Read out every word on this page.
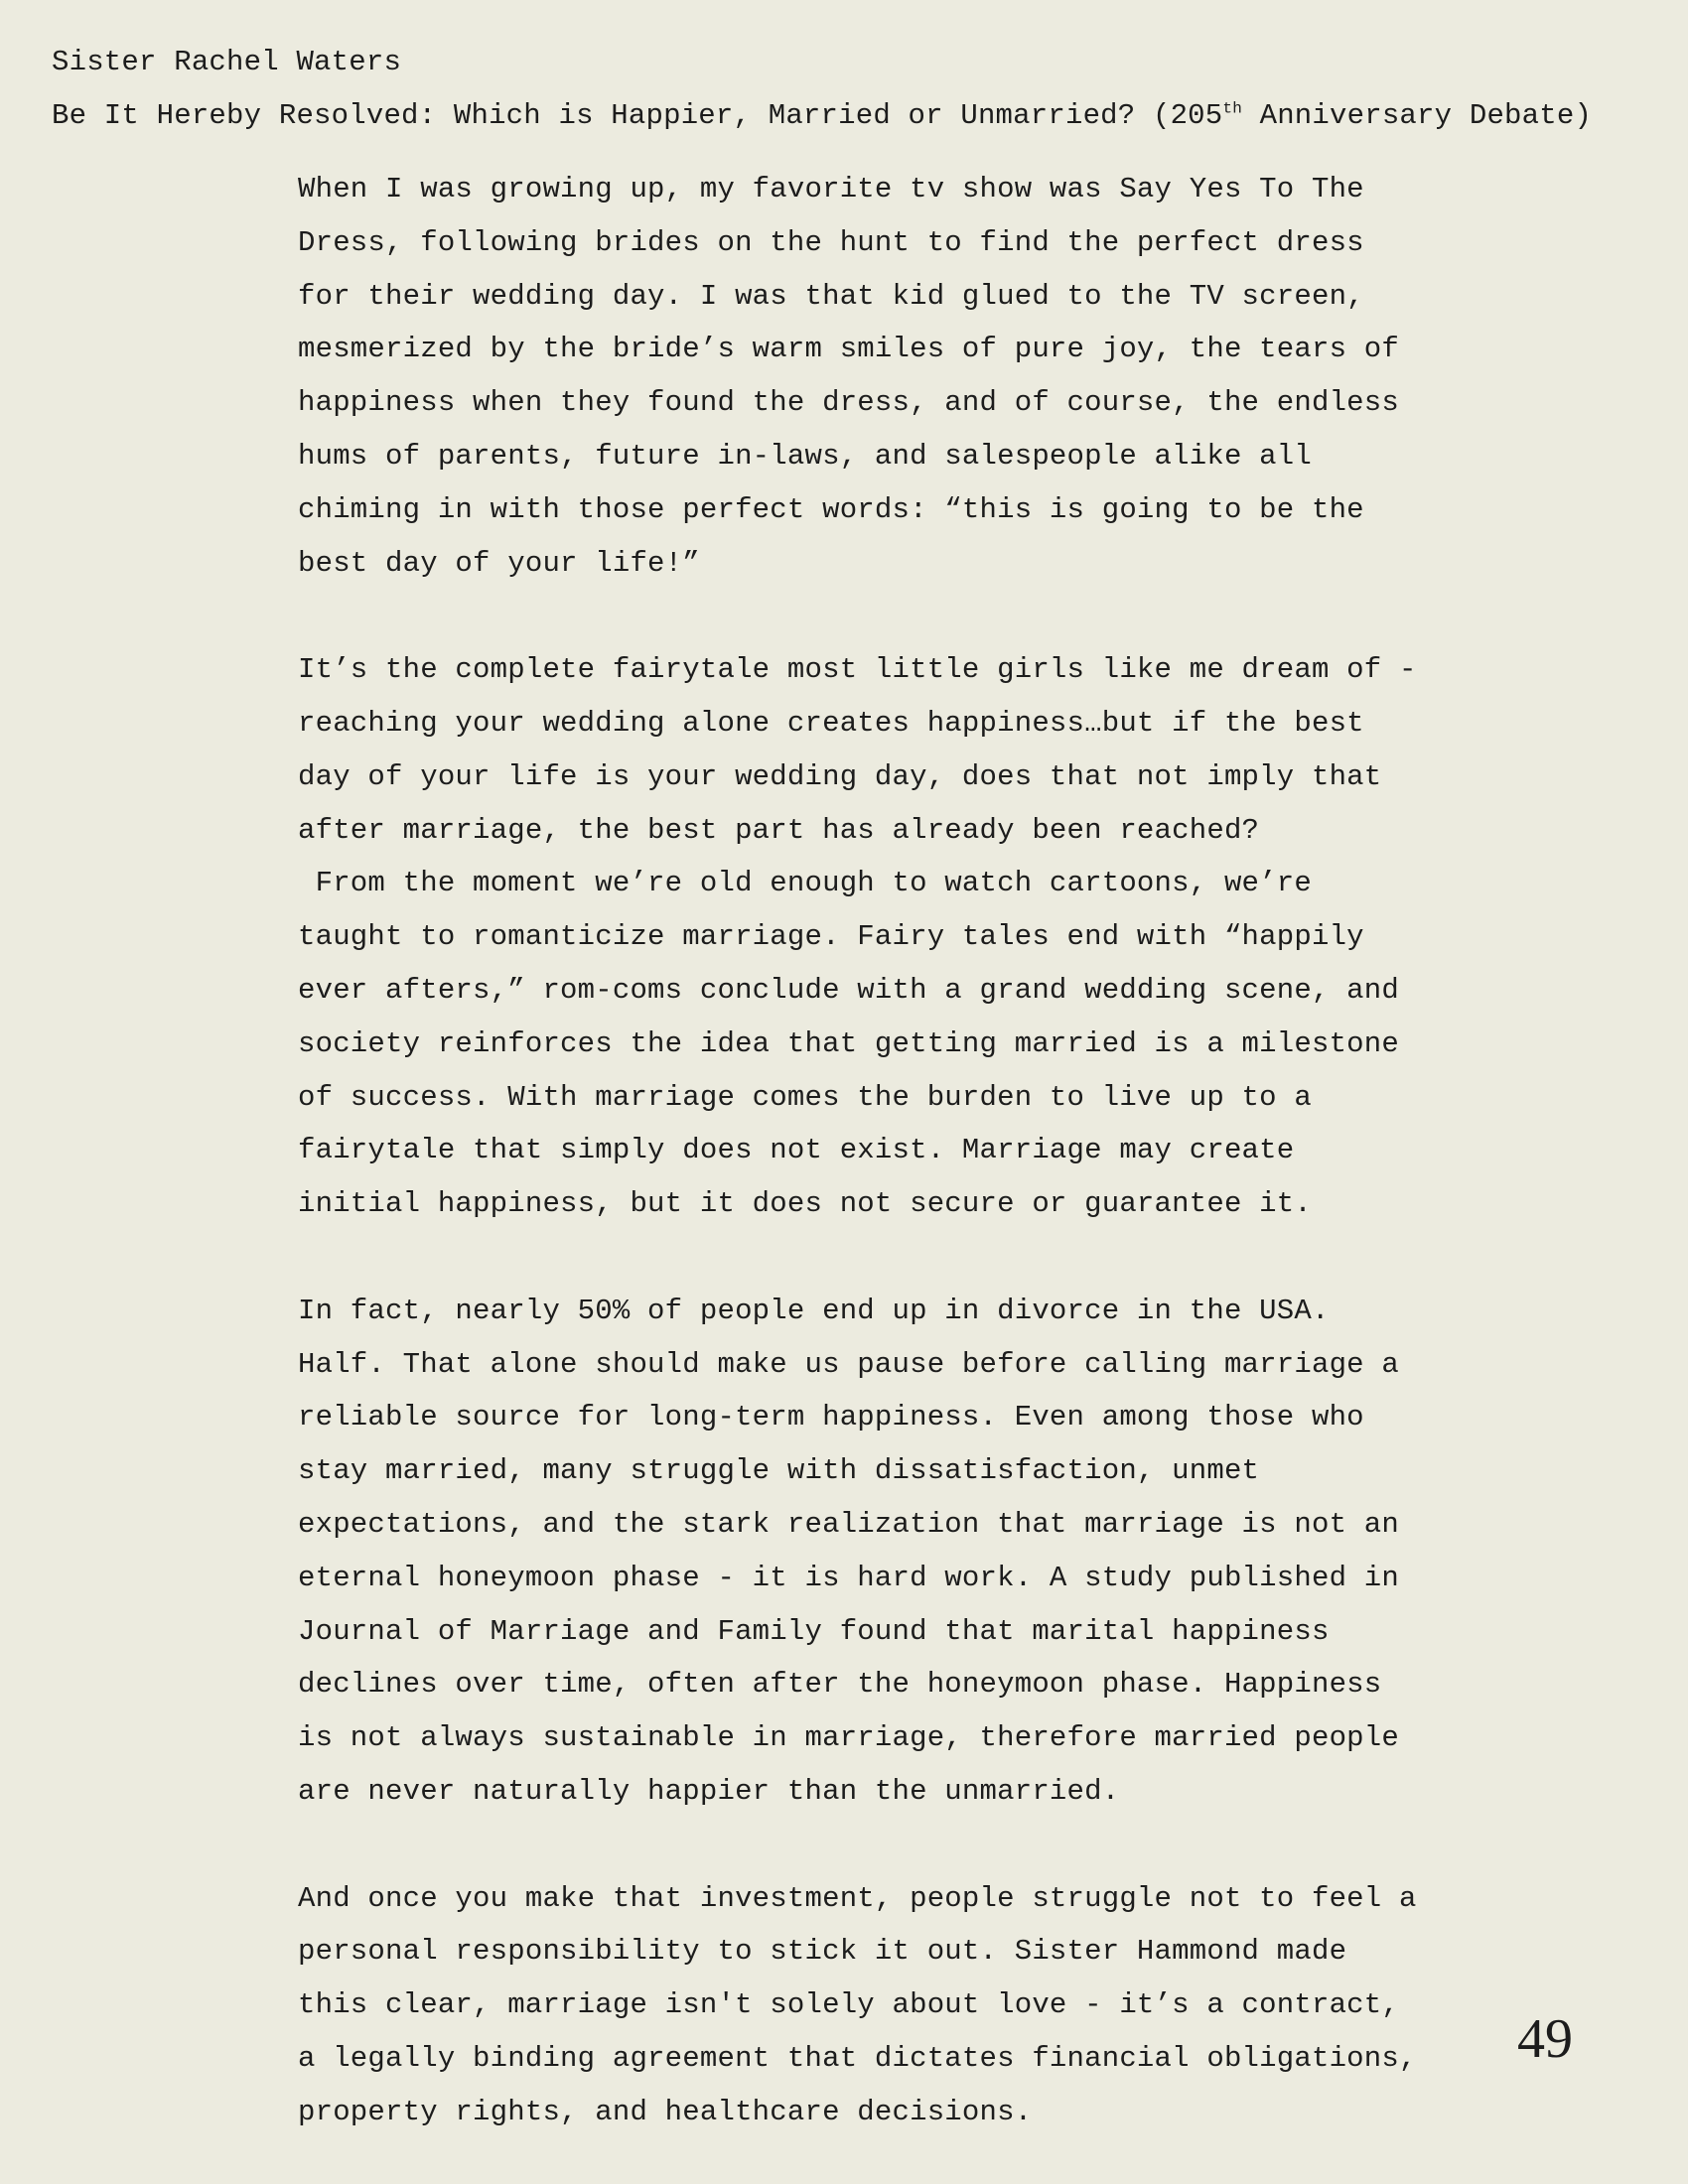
Sister Rachel Waters
Be It Hereby Resolved: Which is Happier, Married or Unmarried? (205th Anniversary Debate)
When I was growing up, my favorite tv show was Say Yes To The
Dress, following brides on the hunt to find the perfect dress
for their wedding day. I was that kid glued to the TV screen,
mesmerized by the bride’s warm smiles of pure joy, the tears of
happiness when they found the dress, and of course, the endless
hums of parents, future in-laws, and salespeople alike all
chiming in with those perfect words: “this is going to be the
best day of your life!”
It’s the complete fairytale most little girls like me dream of -
reaching your wedding alone creates happiness…but if the best
day of your life is your wedding day, does that not imply that
after marriage, the best part has already been reached?
From the moment we’re old enough to watch cartoons, we’re
taught to romanticize marriage. Fairy tales end with “happily
ever afters,” rom-coms conclude with a grand wedding scene, and
society reinforces the idea that getting married is a milestone
of success. With marriage comes the burden to live up to a
fairytale that simply does not exist. Marriage may create
initial happiness, but it does not secure or guarantee it.
In fact, nearly 50% of people end up in divorce in the USA.
Half. That alone should make us pause before calling marriage a
reliable source for long-term happiness. Even among those who
stay married, many struggle with dissatisfaction, unmet
expectations, and the stark realization that marriage is not an
eternal honeymoon phase - it is hard work. A study published in
Journal of Marriage and Family found that marital happiness
declines over time, often after the honeymoon phase. Happiness
is not always sustainable in marriage, therefore married people
are never naturally happier than the unmarried.
And once you make that investment, people struggle not to feel a
personal responsibility to stick it out. Sister Hammond made
this clear, marriage isn't solely about love - it’s a contract,
a legally binding agreement that dictates financial obligations,
property rights, and healthcare decisions.
49
